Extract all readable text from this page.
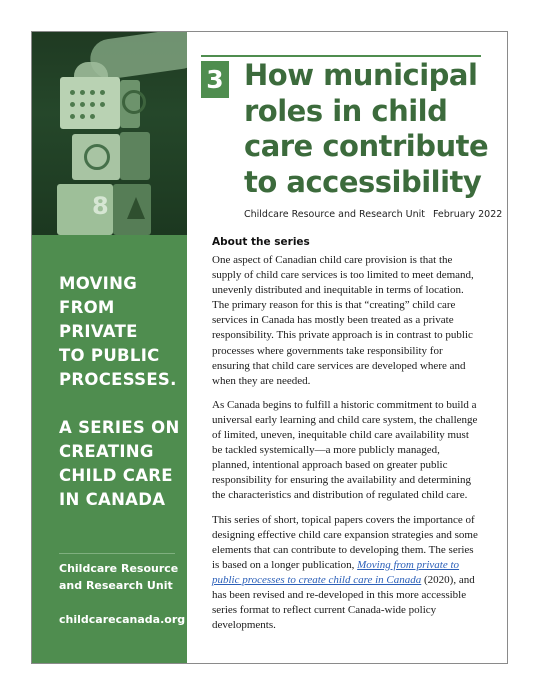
8

MOVING

FROM PRIVATE

TO PUBLIC

PROCESSES.

A SERIES ON

CREATING

CHILD CARE

IN CANADA

Childcare Resource

and Research Unit

childcarecanada.org
3 How municipal roles in child care contribute to accessibility
Childcare Resource and Research Unit February 2022
About the series

One aspect of Canadian child care provision is that the supply of child care services is too limited to meet demand, unevenly distributed and inequitable in terms of location. The primary reason for this is that “creating” child care services in Canada has mostly been treated as a private responsibility. This private approach is in contrast to public processes where governments take responsibility for ensuring that child care services are developed where and when they are needed.

As Canada begins to fulfill a historic commitment to build a universal early learning and child care system, the challenge of limited, uneven, inequitable child care availability must be tackled systemically—a more publicly managed, planned, intentional approach based on greater public responsibility for ensuring the availability and determining the characteristics and distribution of regulated child care.

This series of short, topical papers covers the importance of designing effective child care expansion strategies and some elements that can contribute to developing them. The series is based on a longer publication, Moving from private to public processes to create child care in Canada (2020), and has been revised and re-developed in this more accessible series format to reflect current Canada-wide policy developments.
